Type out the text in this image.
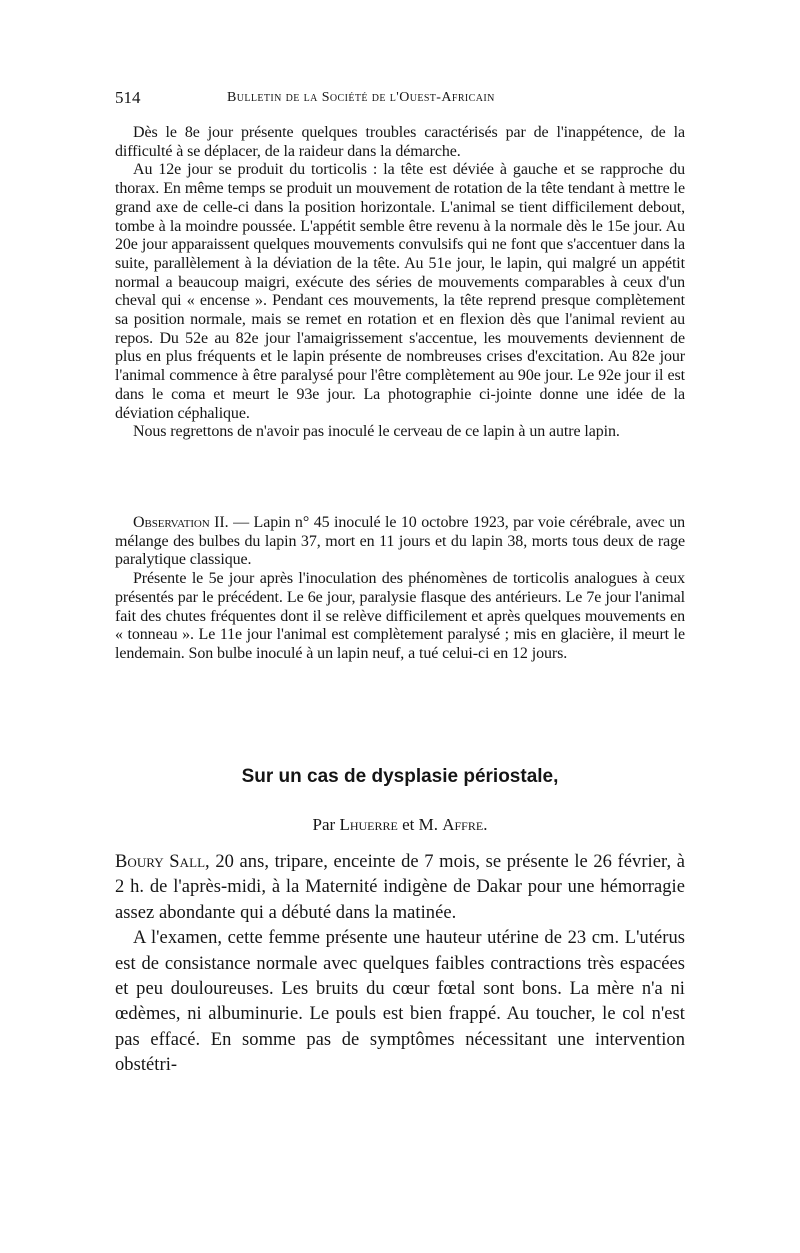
514	Bulletin de la Société de l'Ouest-Africain

Dès le 8e jour présente quelques troubles caractérisés par de l'inappétence, de la difficulté à se déplacer, de la raideur dans la démarche.

Au 12e jour se produit du torticolis : la tête est déviée à gauche et se rapproche du thorax. En même temps se produit un mouvement de rotation de la tête tendant à mettre le grand axe de celle-ci dans la position horizontale. L'animal se tient difficilement debout, tombe à la moindre poussée. L'appétit semble être revenu à la normale dès le 15e jour. Au 20e jour apparaissent quelques mouvements convulsifs qui ne font que s'accentuer dans la suite, parallèlement à la déviation de la tête. Au 51e jour, le lapin, qui malgré un appétit normal a beaucoup maigri, exécute des séries de mouvements comparables à ceux d'un cheval qui « encense ». Pendant ces mouvements, la tête reprend presque complètement sa position normale, mais se remet en rotation et en flexion dès que l'animal revient au repos. Du 52e au 82e jour l'amaigrissement s'accentue, les mouvements deviennent de plus en plus fréquents et le lapin présente de nombreuses crises d'excitation. Au 82e jour l'animal commence à être paralysé pour l'être complètement au 90e jour. Le 92e jour il est dans le coma et meurt le 93e jour. La photographie ci-jointe donne une idée de la déviation céphalique.

Nous regrettons de n'avoir pas inoculé le cerveau de ce lapin à un autre lapin.

Observation II. — Lapin n° 45 inoculé le 10 octobre 1923, par voie cérébrale, avec un mélange des bulbes du lapin 37, mort en 11 jours et du lapin 38, morts tous deux de rage paralytique classique.

Présente le 5e jour après l'inoculation des phénomènes de torticolis analogues à ceux présentés par le précédent. Le 6e jour, paralysie flasque des antérieurs. Le 7e jour l'animal fait des chutes fréquentes dont il se relève difficilement et après quelques mouvements en « tonneau ». Le 11e jour l'animal est complètement paralysé ; mis en glacière, il meurt le lendemain. Son bulbe inoculé à un lapin neuf, a tué celui-ci en 12 jours.

Sur un cas de dysplasie périostale,
Par Lhuerre et M. Affre.

Boury Sall, 20 ans, tripare, enceinte de 7 mois, se présente le 26 février, à 2 h. de l'après-midi, à la Maternité indigène de Dakar pour une hémorragie assez abondante qui a débuté dans la matinée.

A l'examen, cette femme présente une hauteur utérine de 23 cm. L'utérus est de consistance normale avec quelques faibles contractions très espacées et peu douloureuses. Les bruits du cœur fœtal sont bons. La mère n'a ni œdèmes, ni albuminurie. Le pouls est bien frappé. Au toucher, le col n'est pas effacé. En somme pas de symptômes nécessitant une intervention obstétri-
